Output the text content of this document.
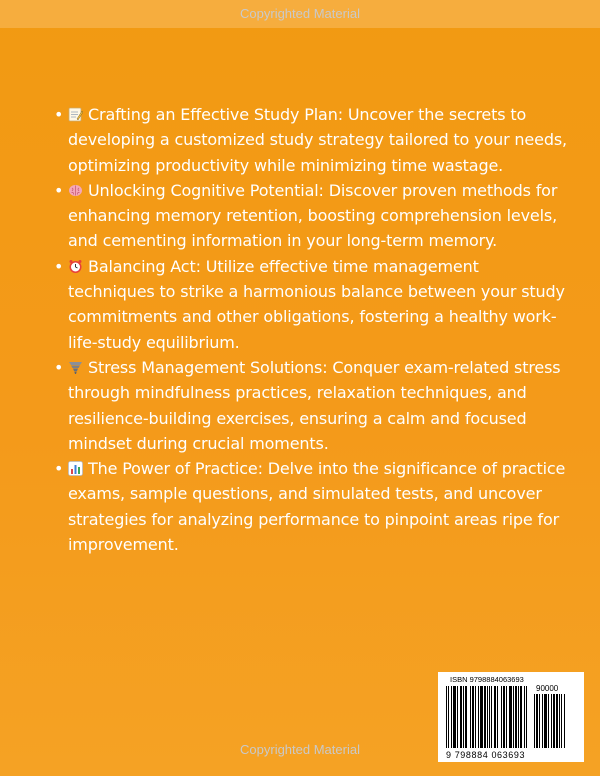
Copyrighted Material
• Crafting an Effective Study Plan: Uncover the secrets to developing a customized study strategy tailored to your needs, optimizing productivity while minimizing time wastage.
• Unlocking Cognitive Potential: Discover proven methods for enhancing memory retention, boosting comprehension levels, and cementing information in your long-term memory.
• Balancing Act: Utilize effective time management techniques to strike a harmonious balance between your study commitments and other obligations, fostering a healthy work-life-study equilibrium.
• Stress Management Solutions: Conquer exam-related stress through mindfulness practices, relaxation techniques, and resilience-building exercises, ensuring a calm and focused mindset during crucial moments.
• The Power of Practice: Delve into the significance of practice exams, sample questions, and simulated tests, and uncover strategies for analyzing performance to pinpoint areas ripe for improvement.
Copyrighted Material
ISBN 9798884063693
90000
9 798884 063693
